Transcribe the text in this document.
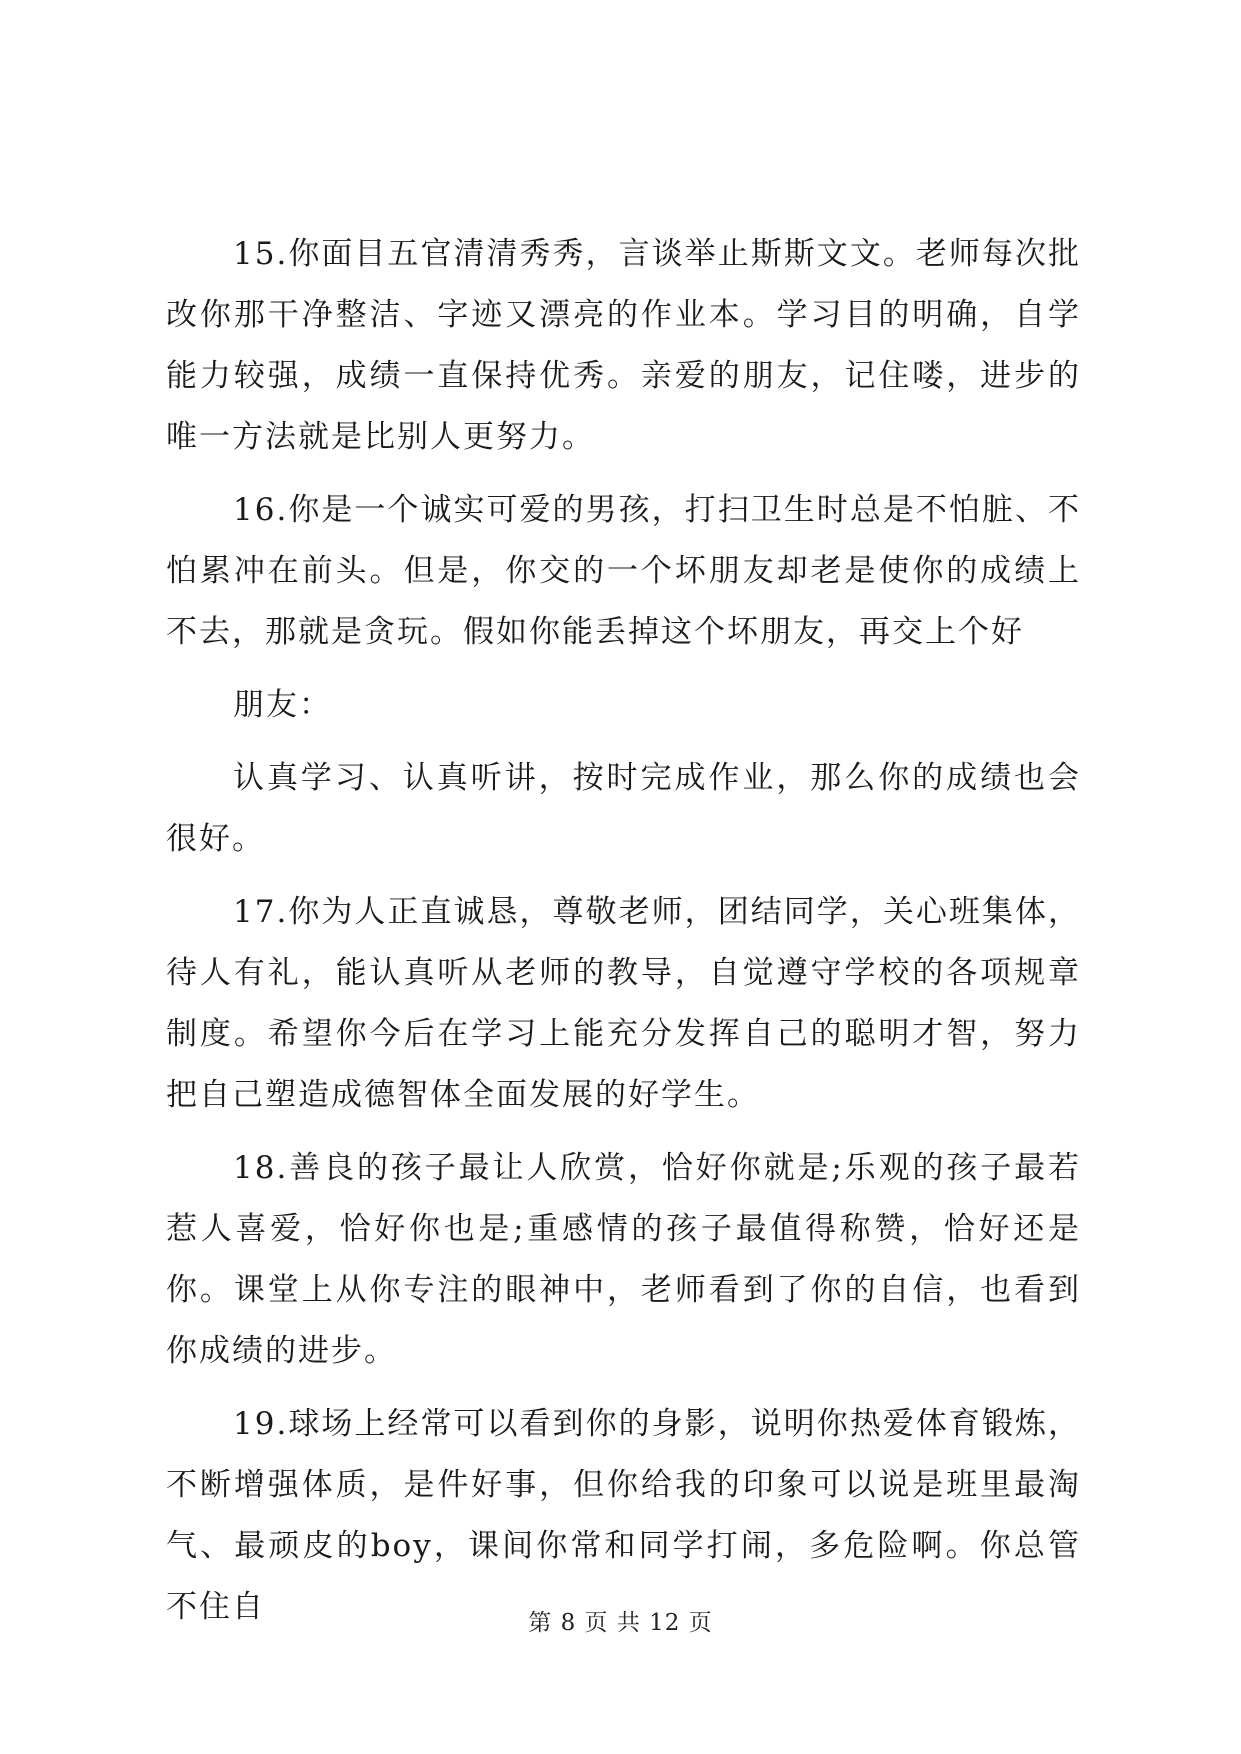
15.你面目五官清清秀秀，言谈举止斯斯文文。老师每次批改你那干净整洁、字迹又漂亮的作业本。学习目的明确，自学能力较强，成绩一直保持优秀。亲爱的朋友，记住喽，进步的唯一方法就是比别人更努力。

16.你是一个诚实可爱的男孩，打扫卫生时总是不怕脏、不怕累冲在前头。但是，你交的一个坏朋友却老是使你的成绩上不去，那就是贪玩。假如你能丢掉这个坏朋友，再交上个好

朋友：

认真学习、认真听讲，按时完成作业，那么你的成绩也会很好。

17.你为人正直诚恳，尊敬老师，团结同学，关心班集体，待人有礼，能认真听从老师的教导，自觉遵守学校的各项规章制度。希望你今后在学习上能充分发挥自己的聪明才智，努力把自己塑造成德智体全面发展的好学生。

18.善良的孩子最让人欣赏，恰好你就是;乐观的孩子最若惹人喜爱，恰好你也是;重感情的孩子最值得称赞，恰好还是你。课堂上从你专注的眼神中，老师看到了你的自信，也看到你成绩的进步。

19.球场上经常可以看到你的身影，说明你热爱体育锻炼，不断增强体质，是件好事，但你给我的印象可以说是班里最淘气、最顽皮的boy，课间你常和同学打闹，多危险啊。你总管不住自	第 8 页 共 12 页
